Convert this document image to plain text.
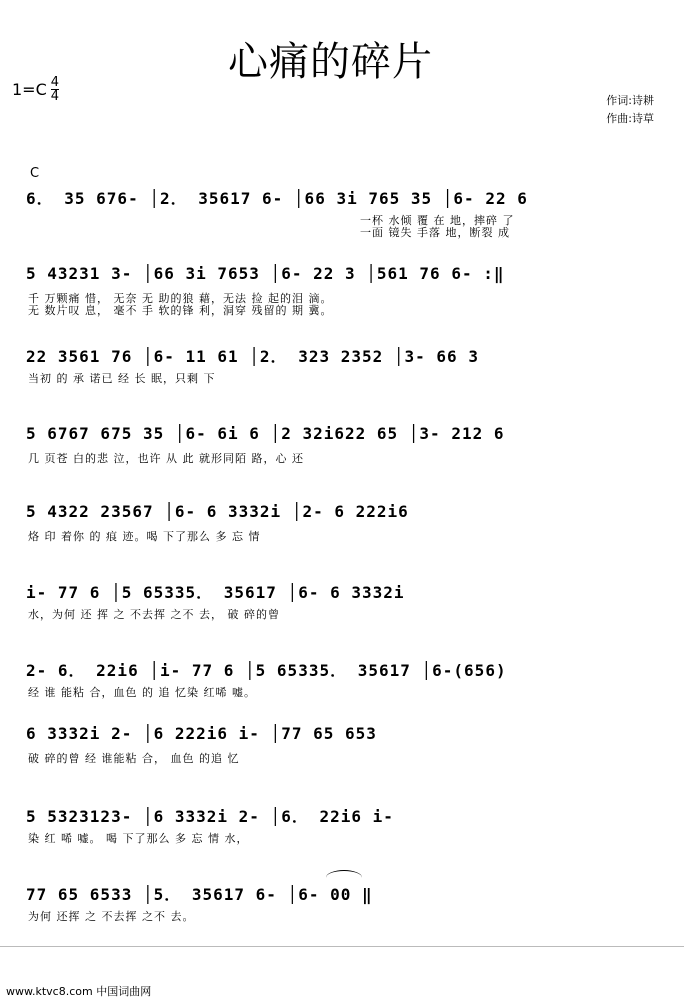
心痛的碎片
$1=C \frac{4}{4}$	作词:诗耕
作曲:诗草
C
6． 35 676- │2． 35617 6- │66 3i 765 35 │6- 22 6
一杯 水倾 覆 在 地，摔碎 了
一面 镜失 手落 地，断裂 成
5 43231 3- │66 3i 7653 │6- 22 3 │561 76 6- :‖
千 万颗痛 惜， 无奈 无 助的狼 藉，无法 捡 起的泪 滴。
无 数片叹 息， 毫不 手 软的锋 利，洞穿 残留的 期 冀。
22 3561 76 │6- 11 61 │2． 323 2352 │3- 66 3
当初 的 承 诺已 经 长 眠，只剩 下
5 6767 675 35 │6- 6i 6 │2 32i622 65 │3- 212 6
几 页苍 白的悲 泣，也许 从 此 就形同陌 路，心 还
5 4322 23567 │6- 6 3332i │2- 6 222i6
烙 印 着你 的 痕 迹。喝 下了那么 多 忘 情
i- 77 6 │5 65335． 35617 │6- 6 3332i
水，为何 还 挥 之 不去挥 之不 去， 破 碎的曾
2- 6． 22i6 │i- 77 6 │5 65335． 35617 │6-(656)
经 谁 能粘 合，血色 的 追 忆染 红唏 嘘。
6 3332i 2- │6 222i6 i- │77 65 653
破 碎的曾 经 谁能粘 合， 血色 的追 忆
5 5323123- │6 3332i 2- │6． 22i6 i-
染 红 唏 嘘。 喝 下了那么 多 忘 情 水，
77 65 6533 │5． 35617 6- │6- 00 ‖
为何 还挥 之 不去挥 之不 去。
www.ktvc8.com 中国词曲网
